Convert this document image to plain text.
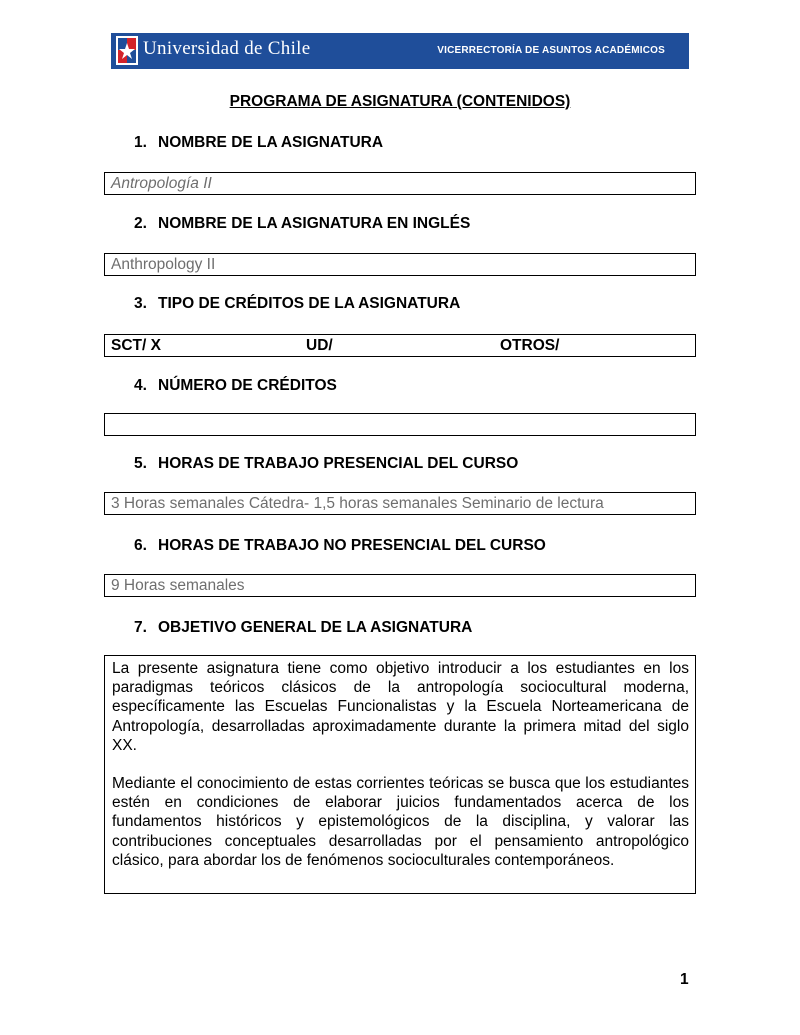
Universidad de Chile	VICERRECTORÍA DE ASUNTOS ACADÉMICOS
PROGRAMA DE ASIGNATURA (CONTENIDOS)
1. NOMBRE DE LA ASIGNATURA
Antropología II
2. NOMBRE DE LA ASIGNATURA EN INGLÉS
Anthropology II
3. TIPO DE CRÉDITOS DE LA ASIGNATURA
SCT/ X	UD/	OTROS/
4. NÚMERO DE CRÉDITOS
5. HORAS DE TRABAJO PRESENCIAL DEL CURSO
3 Horas semanales Cátedra- 1,5 horas semanales Seminario de lectura
6. HORAS DE TRABAJO NO PRESENCIAL DEL CURSO
9 Horas semanales
7. OBJETIVO GENERAL DE LA ASIGNATURA

La presente asignatura tiene como objetivo introducir a los estudiantes en los paradigmas teóricos clásicos de la antropología sociocultural moderna, específicamente las Escuelas Funcionalistas y la Escuela Norteamericana de Antropología, desarrolladas aproximadamente durante la primera mitad del siglo XX.

Mediante el conocimiento de estas corrientes teóricas se busca que los estudiantes estén en condiciones de elaborar juicios fundamentados acerca de los fundamentos históricos y epistemológicos de la disciplina, y valorar las contribuciones conceptuales desarrolladas por el pensamiento antropológico clásico, para abordar los de fenómenos socioculturales contemporáneos.

1
